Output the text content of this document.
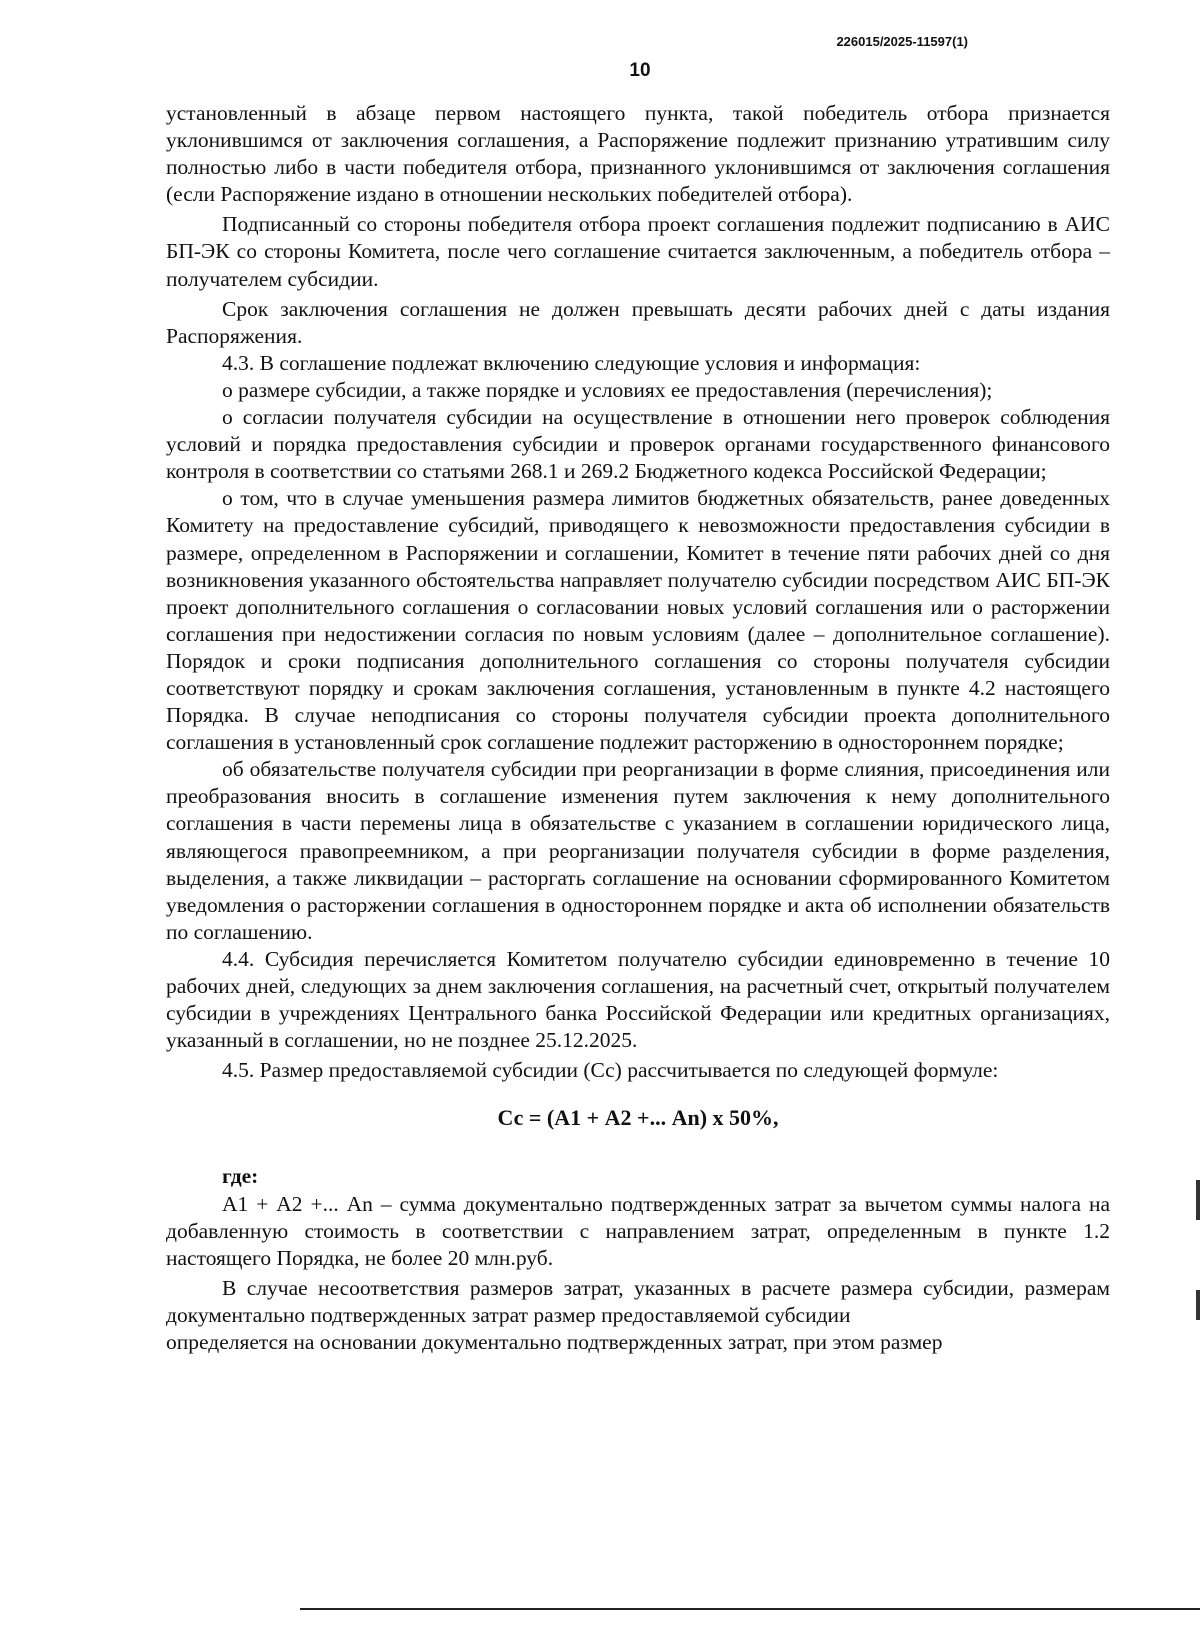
226015/2025-11597(1)
10

установленный в абзаце первом настоящего пункта, такой победитель отбора признается уклонившимся от заключения соглашения, а Распоряжение подлежит признанию утратившим силу полностью либо в части победителя отбора, признанного уклонившимся от заключения соглашения (если Распоряжение издано в отношении нескольких победителей отбора).

Подписанный со стороны победителя отбора проект соглашения подлежит подписанию в АИС БП-ЭК со стороны Комитета, после чего соглашение считается заключенным, а победитель отбора – получателем субсидии.

Срок заключения соглашения не должен превышать десяти рабочих дней с даты издания Распоряжения.

4.3. В соглашение подлежат включению следующие условия и информация:

о размере субсидии, а также порядке и условиях ее предоставления (перечисления);

о согласии получателя субсидии на осуществление в отношении него проверок соблюдения условий и порядка предоставления субсидии и проверок органами государственного финансового контроля в соответствии со статьями 268.1 и 269.2 Бюджетного кодекса Российской Федерации;

о том, что в случае уменьшения размера лимитов бюджетных обязательств, ранее доведенных Комитету на предоставление субсидий, приводящего к невозможности предоставления субсидии в размере, определенном в Распоряжении и соглашении, Комитет в течение пяти рабочих дней со дня возникновения указанного обстоятельства направляет получателю субсидии посредством АИС БП-ЭК проект дополнительного соглашения о согласовании новых условий соглашения или о расторжении соглашения при недостижении согласия по новым условиям (далее – дополнительное соглашение). Порядок и сроки подписания дополнительного соглашения со стороны получателя субсидии соответствуют порядку и срокам заключения соглашения, установленным в пункте 4.2 настоящего Порядка. В случае неподписания со стороны получателя субсидии проекта дополнительного соглашения в установленный срок соглашение подлежит расторжению в одностороннем порядке;

об обязательстве получателя субсидии при реорганизации в форме слияния, присоединения или преобразования вносить в соглашение изменения путем заключения к нему дополнительного соглашения в части перемены лица в обязательстве с указанием в соглашении юридического лица, являющегося правопреемником, а при реорганизации получателя субсидии в форме разделения, выделения, а также ликвидации – расторгать соглашение на основании сформированного Комитетом уведомления о расторжении соглашения в одностороннем порядке и акта об исполнении обязательств по соглашению.

4.4. Субсидия перечисляется Комитетом получателю субсидии единовременно в течение 10 рабочих дней, следующих за днем заключения соглашения, на расчетный счет, открытый получателем субсидии в учреждениях Центрального банка Российской Федерации или кредитных организациях, указанный в соглашении, но не позднее 25.12.2025.

4.5. Размер предоставляемой субсидии (Сс) рассчитывается по следующей формуле:

Сс = (А1 + А2 +... Аn) x 50%,
где:

А1 + А2 +... Аn – сумма документально подтвержденных затрат за вычетом суммы налога на добавленную стоимость в соответствии с направлением затрат, определенным в пункте 1.2 настоящего Порядка, не более 20 млн.руб.

В случае несоответствия размеров затрат, указанных в расчете размера субсидии, размерам документально подтвержденных затрат размер предоставляемой субсидии

определяется на основании документально подтвержденных затрат, при этом размер
